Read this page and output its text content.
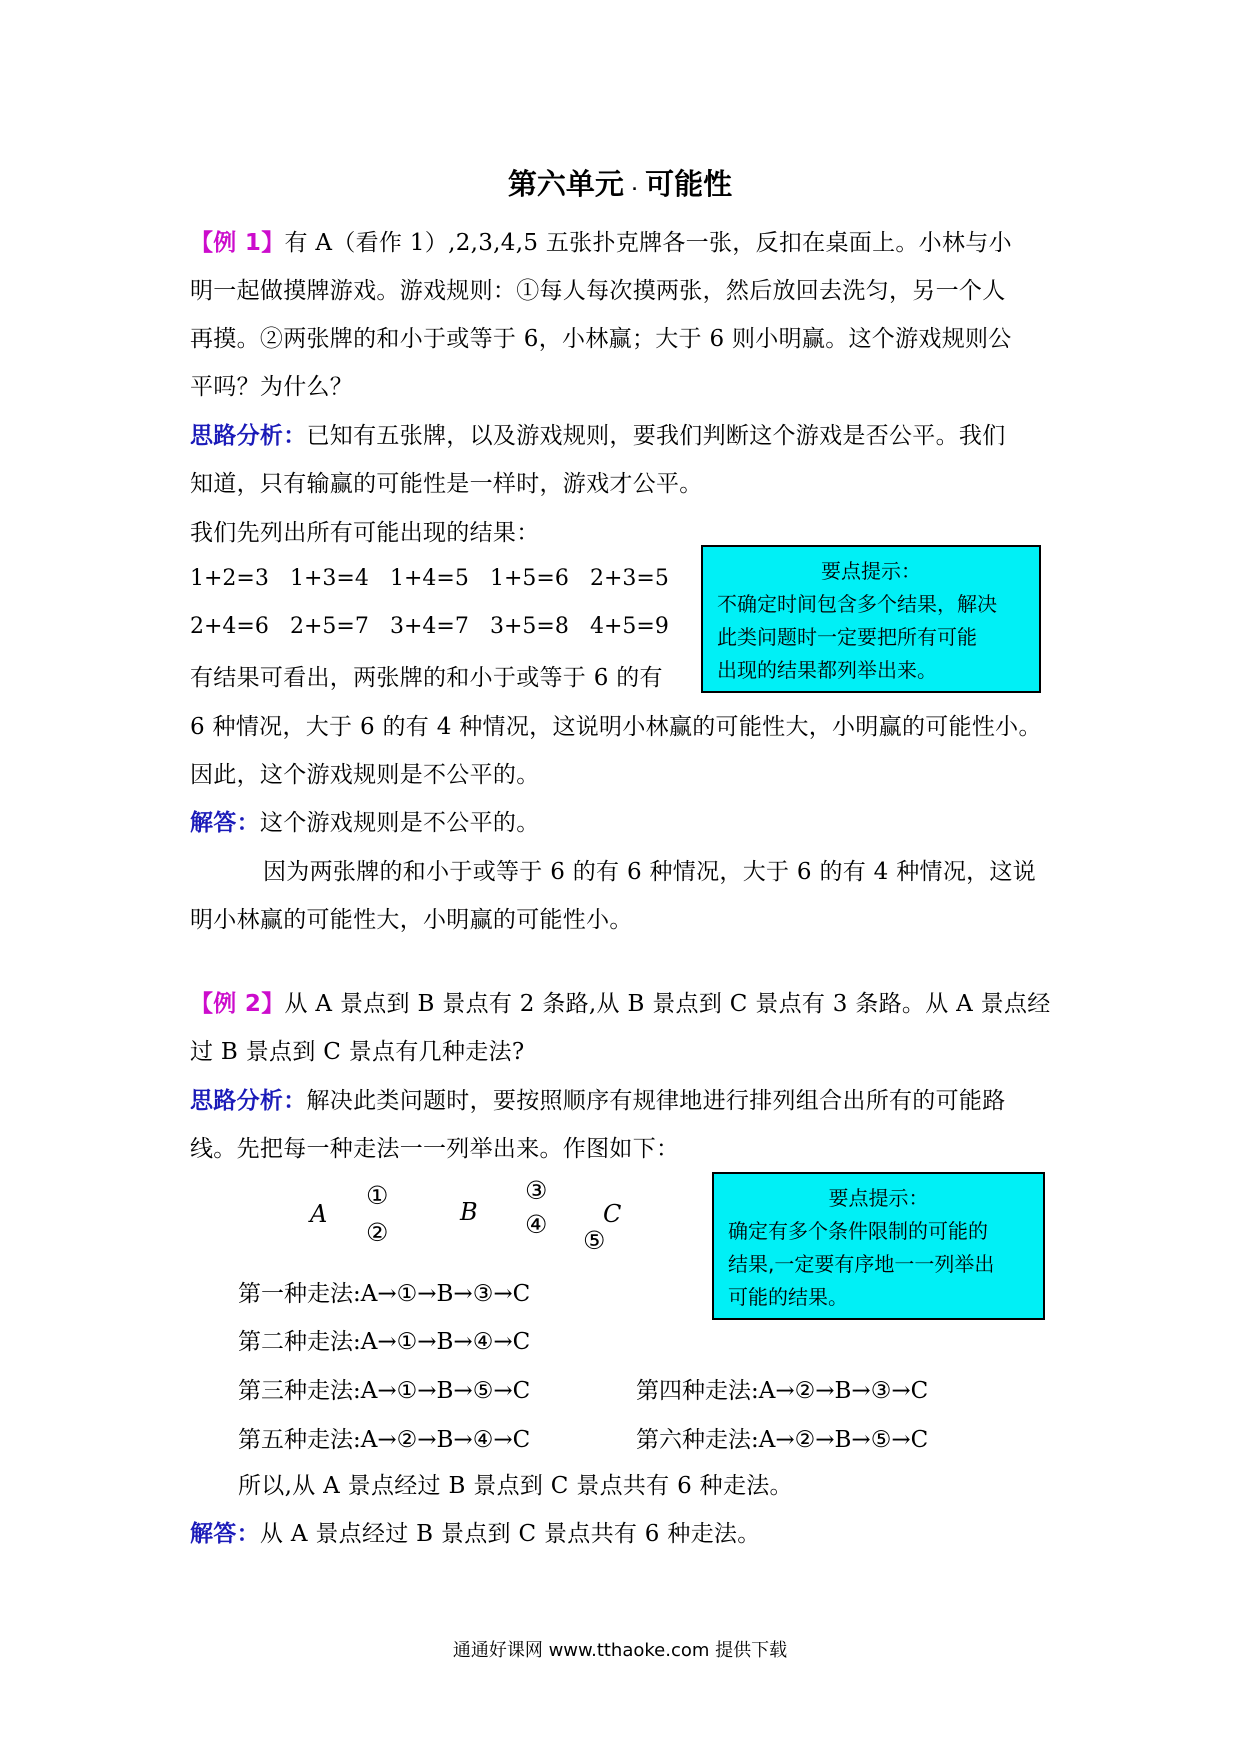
第六单元 . 可能性
【例 1】有 A（看作 1）,2,3,4,5 五张扑克牌各一张，反扣在桌面上。小林与小
明一起做摸牌游戏。游戏规则：①每人每次摸两张，然后放回去洗匀，另一个人
再摸。②两张牌的和小于或等于 6，小林赢；大于 6 则小明赢。这个游戏规则公
平吗？为什么？
思路分析：已知有五张牌，以及游戏规则，要我们判断这个游戏是否公平。我们
知道，只有输赢的可能性是一样时，游戏才公平。
我们先列出所有可能出现的结果：
1+2=3 1+3=4 1+4=5 1+5=6 2+3=5
2+4=6 2+5=7 3+4=7 3+5=8 4+5=9
要点提示：
不确定时间包含多个结果，解决
此类问题时一定要把所有可能
出现的结果都列举出来。
有结果可看出，两张牌的和小于或等于 6 的有
6 种情况，大于 6 的有 4 种情况，这说明小林赢的可能性大，小明赢的可能性小。
因此，这个游戏规则是不公平的。
解答：这个游戏规则是不公平的。
因为两张牌的和小于或等于 6 的有 6 种情况，大于 6 的有 4 种情况，这说
明小林赢的可能性大，小明赢的可能性小。
【例 2】从 A 景点到 B 景点有 2 条路,从 B 景点到 C 景点有 3 条路。从 A 景点经
过 B 景点到 C 景点有几种走法?
思路分析：解决此类问题时，要按照顺序有规律地进行排列组合出所有的可能路
线。先把每一种走法一一列举出来。作图如下：
A
①
②
B
③
④
⑤
C
要点提示：
确定有多个条件限制的可能的
结果,一定要有序地一一列举出
可能的结果。
第一种走法:A→①→B→③→C
第二种走法:A→①→B→④→C
第三种走法:A→①→B→⑤→C	第四种走法:A→②→B→③→C
第五种走法:A→②→B→④→C	第六种走法:A→②→B→⑤→C
所以,从 A 景点经过 B 景点到 C 景点共有 6 种走法。
解答：从 A 景点经过 B 景点到 C 景点共有 6 种走法。
通通好课网 www.tthaoke.com 提供下载
